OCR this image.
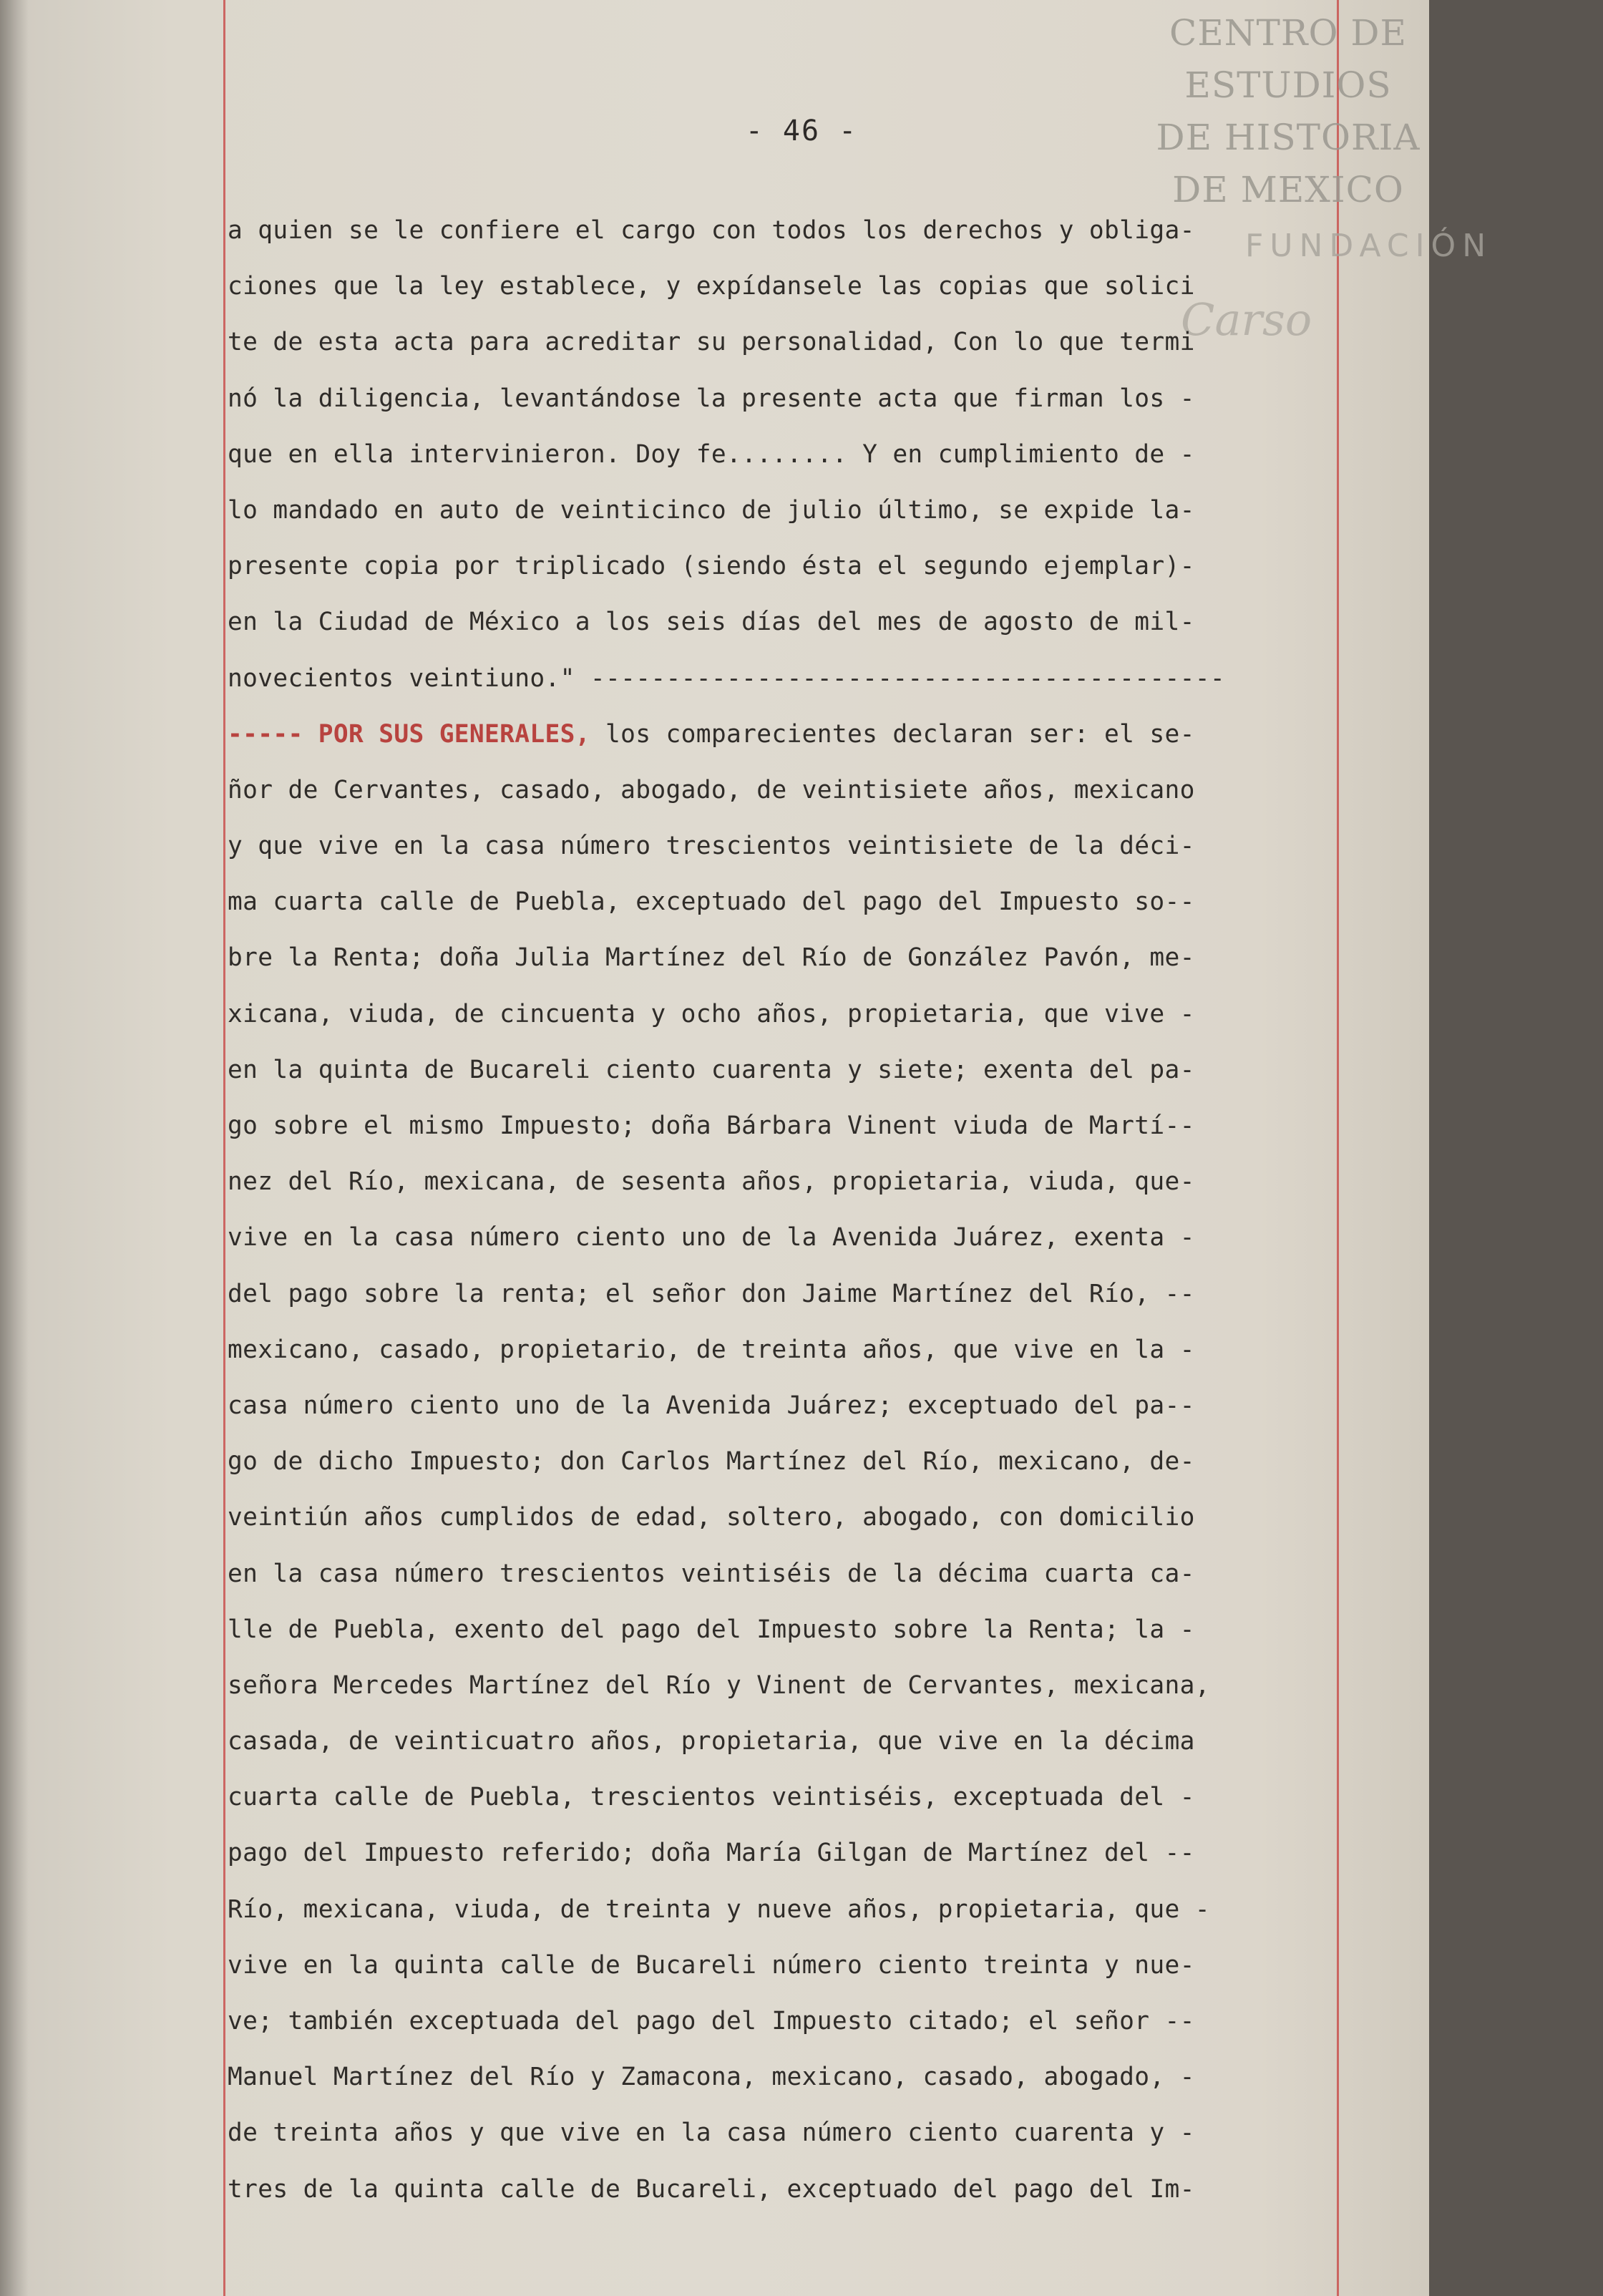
CENTRO DE
ESTUDIOS
DE HISTORIA
DE MEXICO
FUNDACIÓN
Carso
- 46 -
a quien se le confiere el cargo con todos los derechos y obliga-
ciones que la ley establece, y expídanselе las copias que solici
te de esta acta para acreditar su personalidad, Con lo que termi
nó la diligencia, levantándose la presente acta que firman los -
que en ella intervinieron. Doy fe........ Y en cumplimiento de -
lo mandado en auto de veinticinco de julio último, se expide la-
presente copia por triplicado (siendo ésta el segundo ejemplar)-
en la Ciudad de México a los seis días del mes de agosto de mil-
novecientos veintiuno." ------------------------------------------
----- POR SUS GENERALES, los comparecientes declaran ser: el se-
ñor de Cervantes, casado, abogado, de veintisiete años, mexicano
y que vive en la casa número trescientos veintisiete de la déci-
ma cuarta calle de Puebla, exceptuado del pago del Impuesto so--
bre la Renta; doña Julia Martínez del Río de González Pavón, me-
xicana, viuda, de cincuenta y ocho años, propietaria, que vive -
en la quinta de Bucareli ciento cuarenta y siete; exenta del pa-
go sobre el mismo Impuesto; doña Bárbara Vinent viuda de Martí--
nez del Río, mexicana, de sesenta años, propietaria, viuda, que-
vive en la casa número ciento uno de la Avenida Juárez, exenta -
del pago sobre la renta; el señor don Jaime Martínez del Río, --
mexicano, casado, propietario, de treinta años, que vive en la -
casa número ciento uno de la Avenida Juárez; exceptuado del pa--
go de dicho Impuesto; don Carlos Martínez del Río, mexicano, de-
veintiún años cumplidos de edad, soltero, abogado, con domicilio
en la casa número trescientos veintiséis de la décima cuarta ca-
lle de Puebla, exento del pago del Impuesto sobre la Renta; la -
señora Mercedes Martínez del Río y Vinent de Cervantes, mexicana,
casada, de veinticuatro años, propietaria, que vive en la décima
cuarta calle de Puebla, trescientos veintiséis, exceptuada del -
pago del Impuesto referido; doña María Gilgan de Martínez del --
Río, mexicana, viuda, de treinta y nueve años, propietaria, que -
vive en la quinta calle de Bucareli número ciento treinta y nue-
ve; también exceptuada del pago del Impuesto citado; el señor --
Manuel Martínez del Río y Zamacona, mexicano, casado, abogado, -
de treinta años y que vive en la casa número ciento cuarenta y -
tres de la quinta calle de Bucareli, exceptuado del pago del Im-
